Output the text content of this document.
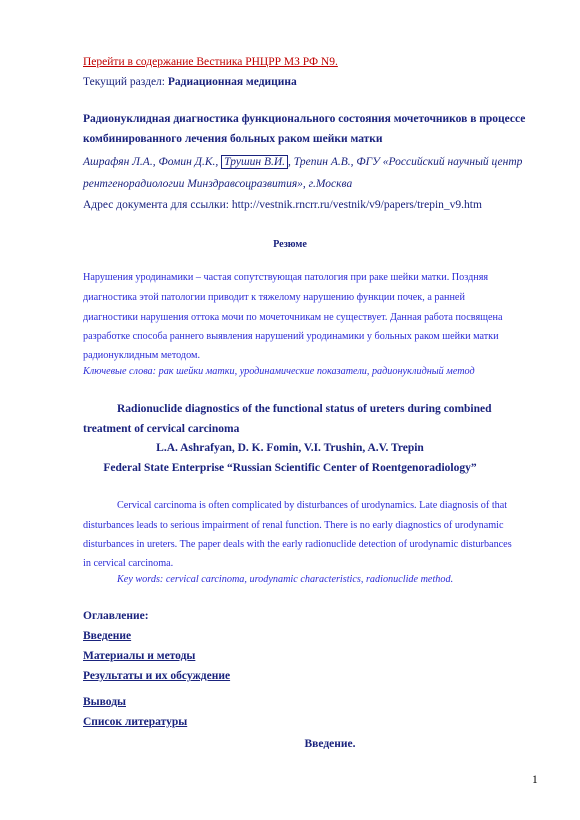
Перейти в содержание Вестника РНЦРР МЗ РФ N9.
Текущий раздел: Радиационная медицина
Радионуклидная диагностика функционального состояния мочеточников в процессе
комбинированного лечения больных раком шейки матки
Ашрафян Л.А., Фомин Д.К., Трушин В.И. , Трепин А.В., ФГУ «Российский научный центр
рентгенорадиологии Минздравсоцразвития», г.Москва
Адрес документа для ссылки: http://vestnik.rncrr.ru/vestnik/v9/papers/trepin_v9.htm
Резюме
Нарушения уродинамики – частая сопутствующая патология при раке шейки матки. Поздняя
диагностика этой патологии приводит к тяжелому нарушению функции почек, а ранней
диагностики нарушения оттока мочи по мочеточникам не существует. Данная работа посвящена
разработке способа раннего выявления нарушений уродинамики у больных раком шейки матки
радионуклидным методом.
Ключевые слова: рак шейки матки, уродинамические показатели, радионуклидный метод
Radionuclide diagnostics of the functional status of ureters during combined
treatment of cervical carcinoma
L.A. Ashrafyan, D. K. Fomin, V.I. Trushin, A.V. Trepin
Federal State Enterprise “Russian Scientific Center of Roentgenoradiology”
Cervical carcinoma is often complicated by disturbances of urodynamics. Late diagnosis of that
disturbances leads to serious impairment of renal function. There is no early diagnostics of urodynamic
disturbances in ureters. The paper deals with the early radionuclide detection of urodynamic disturbances
in cervical carcinoma.
Key words: cervical carcinoma, urodynamic characteristics, radionuclide method.
Оглавление:
Введение
Материалы и методы
Результаты и их обсуждение
Выводы
Список литературы
Введение.
1
